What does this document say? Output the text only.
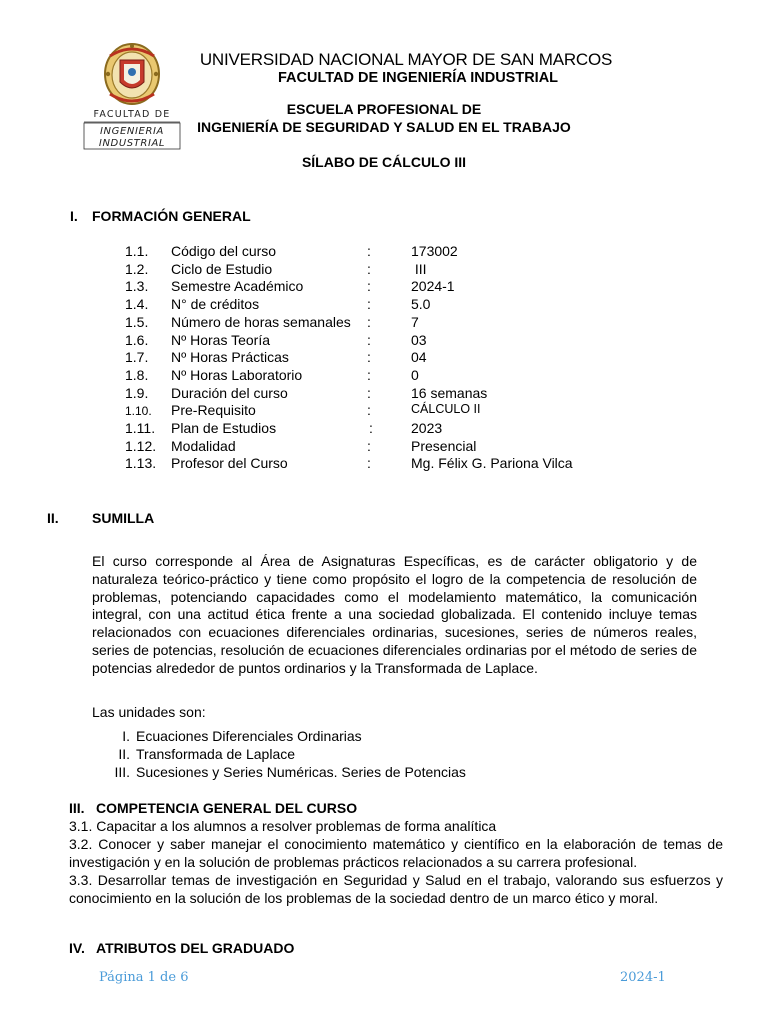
FACULTAD DE
INGENIERIA
INDUSTRIAL
UNIVERSIDAD NACIONAL MAYOR DE SAN MARCOS
FACULTAD DE INGENIERÍA INDUSTRIAL
ESCUELA PROFESIONAL DE
INGENIERÍA DE SEGURIDAD Y SALUD EN EL TRABAJO
SÍLABO DE CÁLCULO III
I. FORMACIÓN GENERAL
1.1. Código del curso	:	173002
1.2. Ciclo de Estudio	:	III
1.3. Semestre Académico	:	2024-1
1.4. N° de créditos	:	5.0
1.5. Número de horas semanales :	7
1.6. Nº Horas Teoría	:	03
1.7. Nº Horas Prácticas	:	04
1.8. Nº Horas Laboratorio	:	0
1.9. Duración del curso	:	16 semanas
1.10. Pre-Requisito	:	CÁLCULO II
1.11. Plan de Estudios	:	2023
1.12. Modalidad	:	Presencial
1.13. Profesor del Curso	:	Mg. Félix G. Pariona Vilca
II. SUMILLA
El curso corresponde al Área de Asignaturas Específicas, es de carácter obligatorio y de naturaleza teórico-práctico y tiene como propósito el logro de la competencia de resolución de problemas, potenciando capacidades como el modelamiento matemático, la comunicación integral, con una actitud ética frente a una sociedad globalizada. El contenido incluye temas relacionados con ecuaciones diferenciales ordinarias, sucesiones, series de números reales, series de potencias, resolución de ecuaciones diferenciales ordinarias por el método de series de potencias alrededor de puntos ordinarios y la Transformada de Laplace.
Las unidades son:
I. Ecuaciones Diferenciales Ordinarias
II. Transformada de Laplace
III. Sucesiones y Series Numéricas. Series de Potencias
III. COMPETENCIA GENERAL DEL CURSO
3.1. Capacitar a los alumnos a resolver problemas de forma analítica
3.2. Conocer y saber manejar el conocimiento matemático y científico en la elaboración de temas de investigación y en la solución de problemas prácticos relacionados a su carrera profesional.
3.3. Desarrollar temas de investigación en Seguridad y Salud en el trabajo, valorando sus esfuerzos y conocimiento en la solución de los problemas de la sociedad dentro de un marco ético y moral.
IV. ATRIBUTOS DEL GRADUADO
Página 1 de 6	2024-1
